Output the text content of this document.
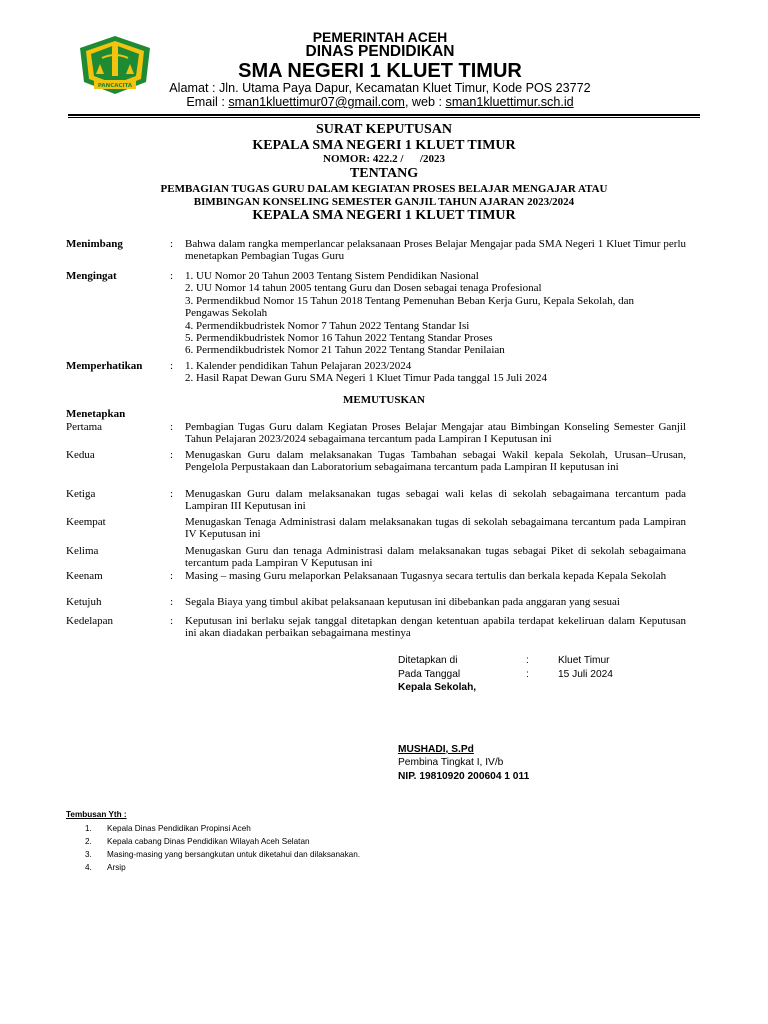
PANCACITA
PEMERINTAH ACEH
DINAS PENDIDIKAN
SMA NEGERI 1 KLUET TIMUR
Alamat : Jln. Utama Paya Dapur, Kecamatan Kluet Timur, Kode POS 23772
Email : sman1kluettimur07@gmail.com, web : sman1kluettimur.sch.id
SURAT KEPUTUSAN
KEPALA SMA NEGERI 1 KLUET TIMUR
NOMOR: 422.2 /      /2023
TENTANG
PEMBAGIAN TUGAS GURU DALAM KEGIATAN PROSES BELAJAR MENGAJAR ATAU
BIMBINGAN KONSELING SEMESTER GANJIL TAHUN AJARAN 2023/2024
KEPALA SMA NEGERI 1 KLUET TIMUR
Menimbang	: Bahwa dalam rangka memperlancar pelaksanaan Proses Belajar Mengajar pada SMA Negeri 1 Kluet Timur perlu menetapkan Pembagian Tugas Guru
Mengingat	: 1. UU Nomor 20 Tahun 2003 Tentang Sistem Pendidikan Nasional
2. UU Nomor 14 tahun 2005 tentang Guru dan Dosen sebagai tenaga Profesional
3. Permendikbud Nomor 15 Tahun 2018 Tentang Pemenuhan Beban Kerja Guru, Kepala Sekolah, dan
Pengawas Sekolah
4. Permendikbudristek Nomor 7 Tahun 2022 Tentang Standar Isi
5. Permendikbudristek Nomor 16 Tahun 2022 Tentang Standar Proses
6. Permendikbudristek Nomor 21 Tahun 2022 Tentang Standar Penilaian
Memperhatikan	: 1. Kalender pendidikan Tahun Pelajaran 2023/2024
2. Hasil Rapat Dewan Guru SMA Negeri 1 Kluet Timur Pada tanggal 15 Juli 2024
MEMUTUSKAN
Menetapkan
Pertama	: Pembagian Tugas Guru dalam Kegiatan Proses Belajar Mengajar atau Bimbingan Konseling Semester Ganjil Tahun Pelajaran 2023/2024 sebagaimana tercantum pada Lampiran I Keputusan ini
Kedua	: Menugaskan Guru dalam melaksanakan Tugas Tambahan sebagai Wakil kepala Sekolah, Urusan–Urusan, Pengelola Perpustakaan dan Laboratorium sebagaimana tercantum pada Lampiran II keputusan ini
Ketiga	: Menugaskan Guru dalam melaksanakan tugas sebagai wali kelas di sekolah sebagaimana tercantum pada Lampiran III Keputusan ini
Keempat	Menugaskan Tenaga Administrasi dalam melaksanakan tugas di sekolah sebagaimana tercantum pada Lampiran IV Keputusan ini
Kelima	Menugaskan Guru dan tenaga Administrasi dalam melaksanakan tugas sebagai Piket di sekolah sebagaimana tercantum pada Lampiran V Keputusan ini
Keenam	: Masing – masing Guru melaporkan Pelaksanaan Tugasnya secara tertulis dan berkala kepada Kepala Sekolah
Ketujuh	: Segala Biaya yang timbul akibat pelaksanaan keputusan ini dibebankan pada anggaran yang sesuai
Kedelapan	: Keputusan ini berlaku sejak tanggal ditetapkan dengan ketentuan apabila terdapat kekeliruan dalam Keputusan ini akan diadakan perbaikan sebagaimana mestinya
Ditetapkan di	:	Kluet Timur
Pada Tanggal	:	15 Juli 2024
Kepala Sekolah,
MUSHADI, S.Pd
Pembina Tingkat I, IV/b
NIP. 19810920 200604 1 011
Tembusan Yth :
1. Kepala Dinas Pendidikan Propinsi Aceh
2. Kepala cabang Dinas Pendidikan Wilayah Aceh Selatan
3. Masing-masing yang bersangkutan untuk diketahui dan dilaksanakan.
4. Arsip
